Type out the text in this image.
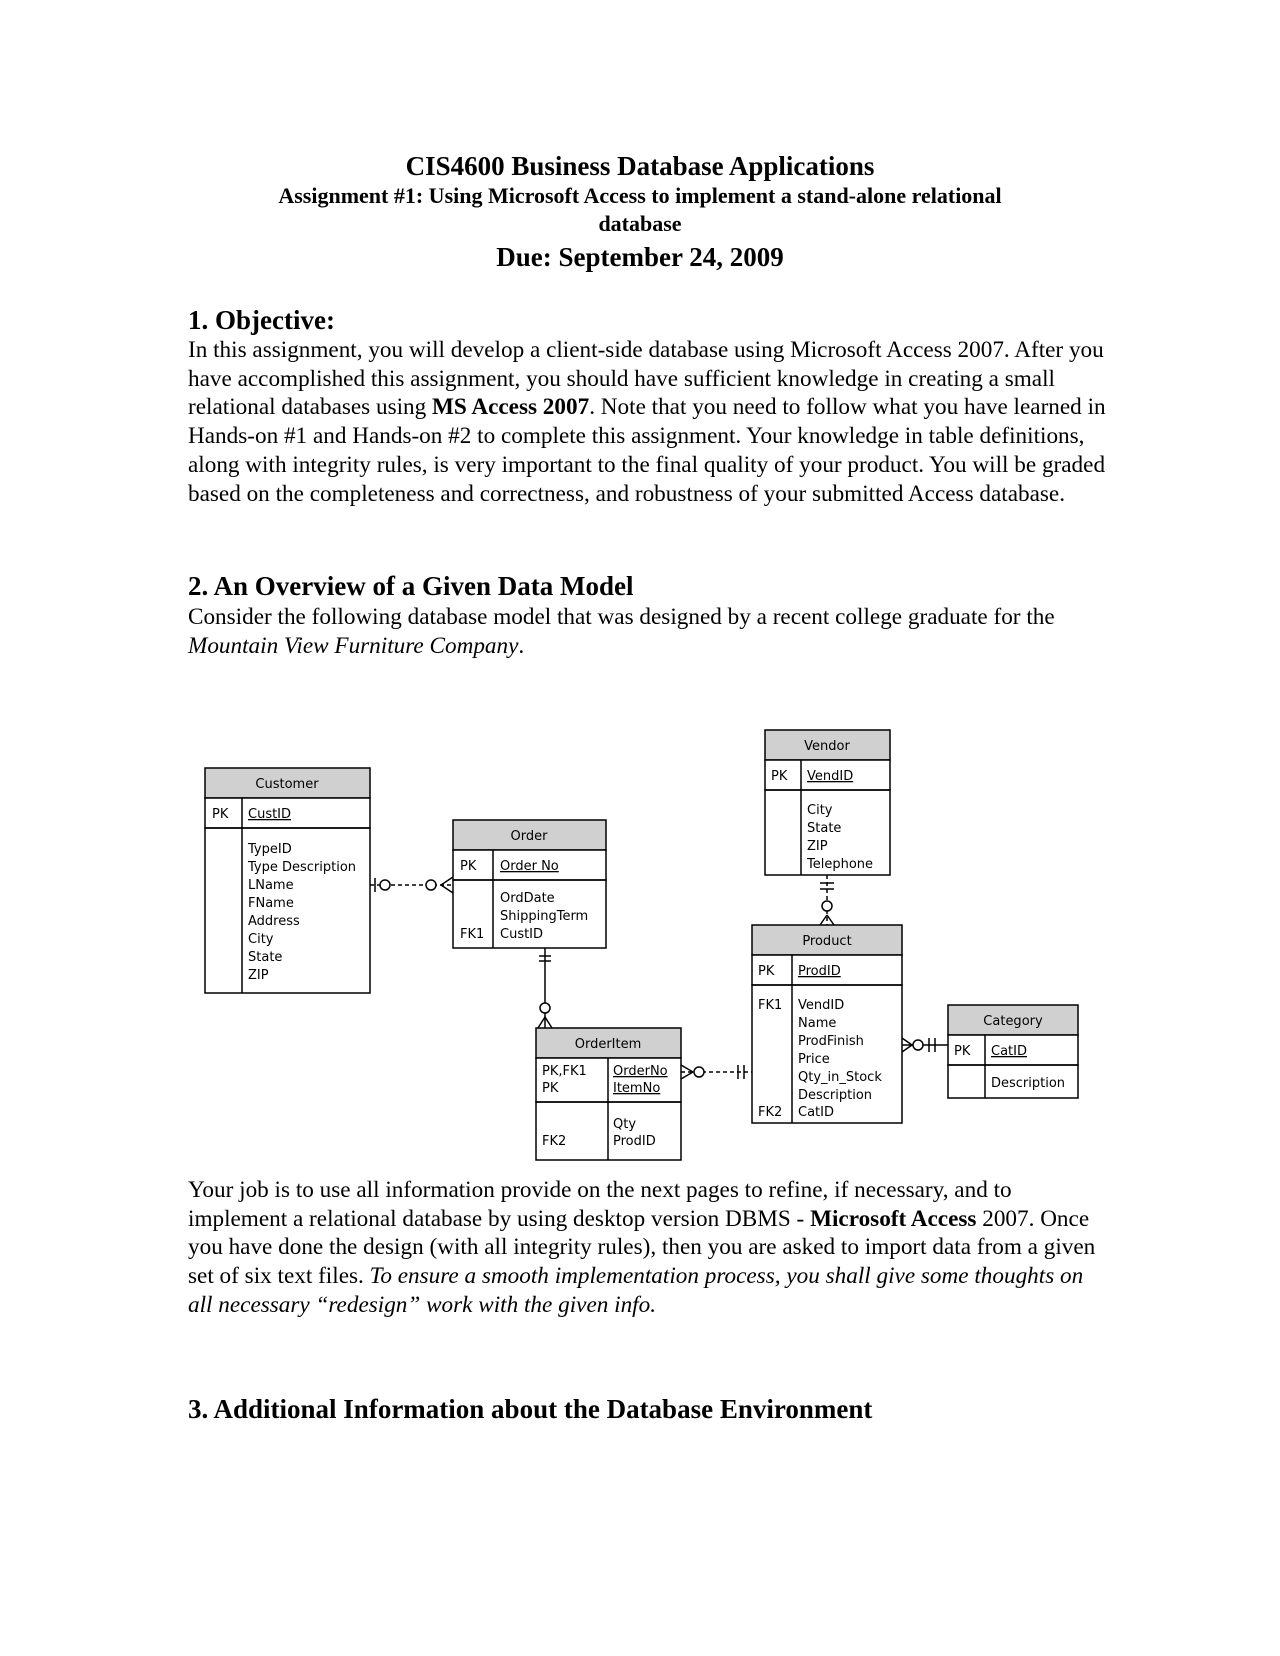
CIS4600 Business Database Applications
Assignment #1: Using Microsoft Access to implement a stand-alone relational
database
Due: September 24, 2009
1. Objective:

In this assignment, you will develop a client-side database using Microsoft Access 2007. After you have accomplished this assignment, you should have sufficient knowledge in creating a small relational databases using MS Access 2007. Note that you need to follow what you have learned in Hands-on #1 and Hands-on #2 to complete this assignment. Your knowledge in table definitions, along with integrity rules, is very important to the final quality of your product. You will be graded based on the completeness and correctness, and robustness of your submitted Access database.

2. An Overview of a Given Data Model

Consider the following database model that was designed by a recent college graduate for the Mountain View Furniture Company.

Customer
PK CustID
TypeID
Type Description
LName
FName
Address
City
State
ZIP
Order
PK Order No
OrdDate
ShippingTerm
FK1 CustID
OrderItem
PK,FK1
PK
OrderNo
ItemNo
Qty
FK2	ProdID
Vendor
PK VendID
City
State
ZIP
Telephone
Product
PK ProdID
FK1 VendID
Name
ProdFinish
Price
Qty_in_Stock
Description
FK2 CatID
Category
PK CatID
Description

Your job is to use all information provide on the next pages to refine, if necessary, and to implement a relational database by using desktop version DBMS - Microsoft Access 2007. Once you have done the design (with all integrity rules), then you are asked to import data from a given set of six text files. To ensure a smooth implementation process, you shall give some thoughts on all necessary “redesign” work with the given info.

3. Additional Information about the Database Environment
